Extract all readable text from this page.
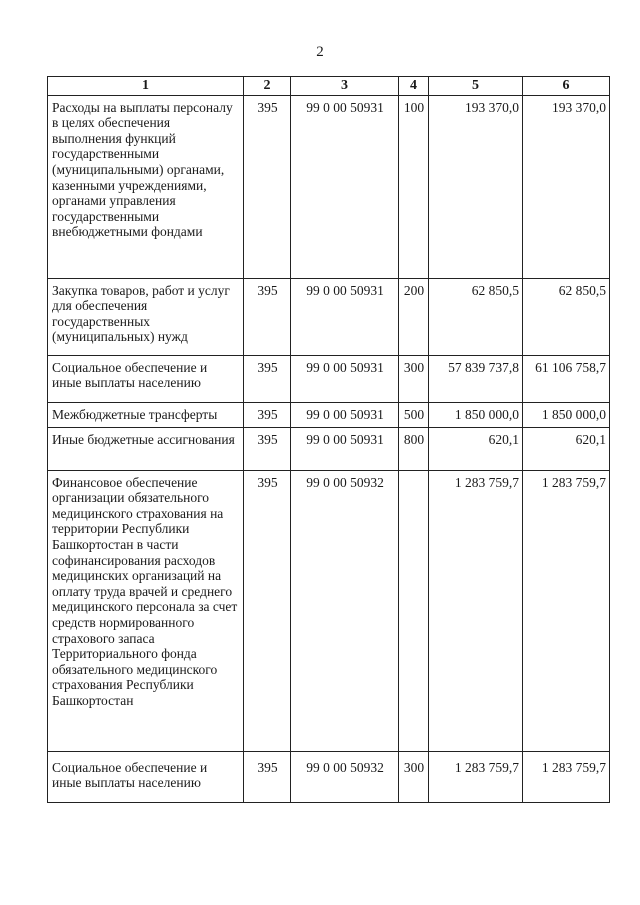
2
1	2	3	4	5	6
Расходы на выплаты персоналу в целях обеспечения выполнения функций государственными (муниципальными) органами, казенными учреждениями, органами управления государственными внебюджетными фондами	395	99 0 00 50931	100	193 370,0	193 370,0
Закупка товаров, работ и услуг для обеспечения государственных (муниципальных) нужд	395	99 0 00 50931	200	62 850,5	62 850,5
Социальное обеспечение и иные выплаты населению	395	99 0 00 50931	300	57 839 737,8	61 106 758,7
Межбюджетные трансферты	395	99 0 00 50931	500	1 850 000,0	1 850 000,0
Иные бюджетные ассигнования	395	99 0 00 50931	800	620,1	620,1
Финансовое обеспечение организации обязательного медицинского страхования на территории Республики Башкортостан в части софинансирования расходов медицинских организаций на оплату труда врачей и среднего медицинского персонала за счет средств нормированного страхового запаса Территориального фонда обязательного медицинского страхования Республики Башкортостан	395	99 0 00 50932		1 283 759,7	1 283 759,7
Социальное обеспечение и иные выплаты населению	395	99 0 00 50932	300	1 283 759,7	1 283 759,7
